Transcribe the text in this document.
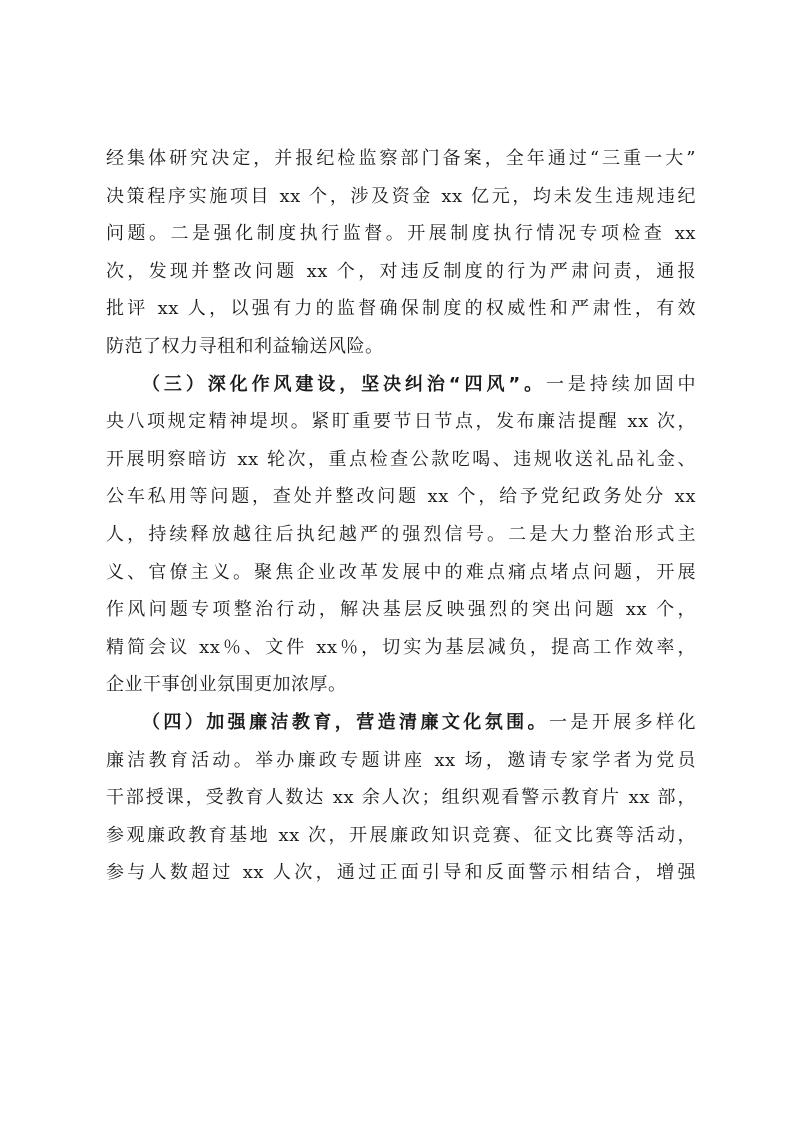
经集体研究决定，并报纪检监察部门备案，全年通过“三重一大”
决策程序实施项目 xx 个，涉及资金 xx 亿元，均未发生违规违纪
问题。二是强化制度执行监督。开展制度执行情况专项检查 xx
次，发现并整改问题 xx 个，对违反制度的行为严肃问责，通报
批评 xx 人，以强有力的监督确保制度的权威性和严肃性，有效
防范了权力寻租和利益输送风险。
（三）深化作风建设，坚决纠治“四风”。一是持续加固中
央八项规定精神堤坝。紧盯重要节日节点，发布廉洁提醒 xx 次，
开展明察暗访 xx 轮次，重点检查公款吃喝、违规收送礼品礼金、
公车私用等问题，查处并整改问题 xx 个，给予党纪政务处分 xx
人，持续释放越往后执纪越严的强烈信号。二是大力整治形式主
义、官僚主义。聚焦企业改革发展中的难点痛点堵点问题，开展
作风问题专项整治行动，解决基层反映强烈的突出问题 xx 个，
精简会议 xx％、文件 xx％，切实为基层减负，提高工作效率，
企业干事创业氛围更加浓厚。
（四）加强廉洁教育，营造清廉文化氛围。一是开展多样化
廉洁教育活动。举办廉政专题讲座 xx 场，邀请专家学者为党员
干部授课，受教育人数达 xx 余人次；组织观看警示教育片 xx 部，
参观廉政教育基地 xx 次，开展廉政知识竞赛、征文比赛等活动，
参与人数超过 xx 人次，通过正面引导和反面警示相结合，增强
